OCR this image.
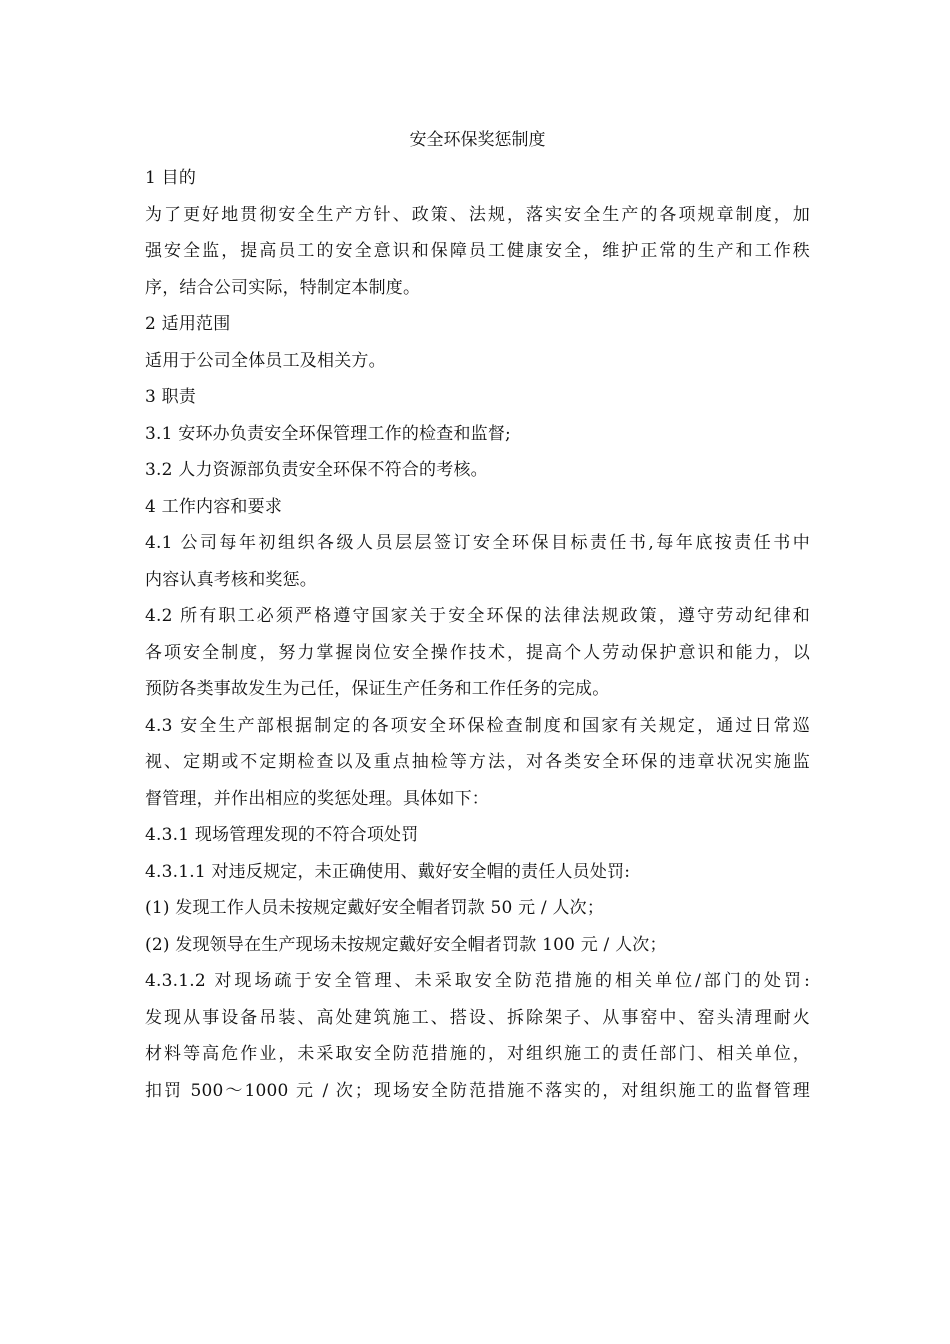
安全环保奖惩制度

1 目的

为了更好地贯彻安全生产方针、政策、法规，落实安全生产的各项规章制度，加

强安全监，提高员工的安全意识和保障员工健康安全，维护正常的生产和工作秩

序，结合公司实际，特制定本制度。

2 适用范围

适用于公司全体员工及相关方。

3 职责

3.1 安环办负责安全环保管理工作的检查和监督;

3.2 人力资源部负责安全环保不符合的考核。

4 工作内容和要求

4.1 公司每年初组织各级人员层层签订安全环保目标责任书,每年底按责任书中

内容认真考核和奖惩。

4.2 所有职工必须严格遵守国家关于安全环保的法律法规政策，遵守劳动纪律和

各项安全制度，努力掌握岗位安全操作技术，提高个人劳动保护意识和能力，以

预防各类事故发生为己任，保证生产任务和工作任务的完成。

4.3 安全生产部根据制定的各项安全环保检查制度和国家有关规定，通过日常巡

视、定期或不定期检查以及重点抽检等方法，对各类安全环保的违章状况实施监

督管理，并作出相应的奖惩处理。具体如下：

4.3.1 现场管理发现的不符合项处罚

4.3.1.1 对违反规定，未正确使用、戴好安全帽的责任人员处罚:

(1) 发现工作人员未按规定戴好安全帽者罚款 50 元 / 人次；

(2) 发现领导在生产现场未按规定戴好安全帽者罚款 100 元 / 人次；

4.3.1.2 对现场疏于安全管理、未采取安全防范措施的相关单位/部门的处罚:

发现从事设备吊装、高处建筑施工、搭设、拆除架子、从事窑中、窑头清理耐火

材料等高危作业，未采取安全防范措施的，对组织施工的责任部门、相关单位，

扣罚 500～1000 元 / 次；现场安全防范措施不落实的，对组织施工的监督管理
